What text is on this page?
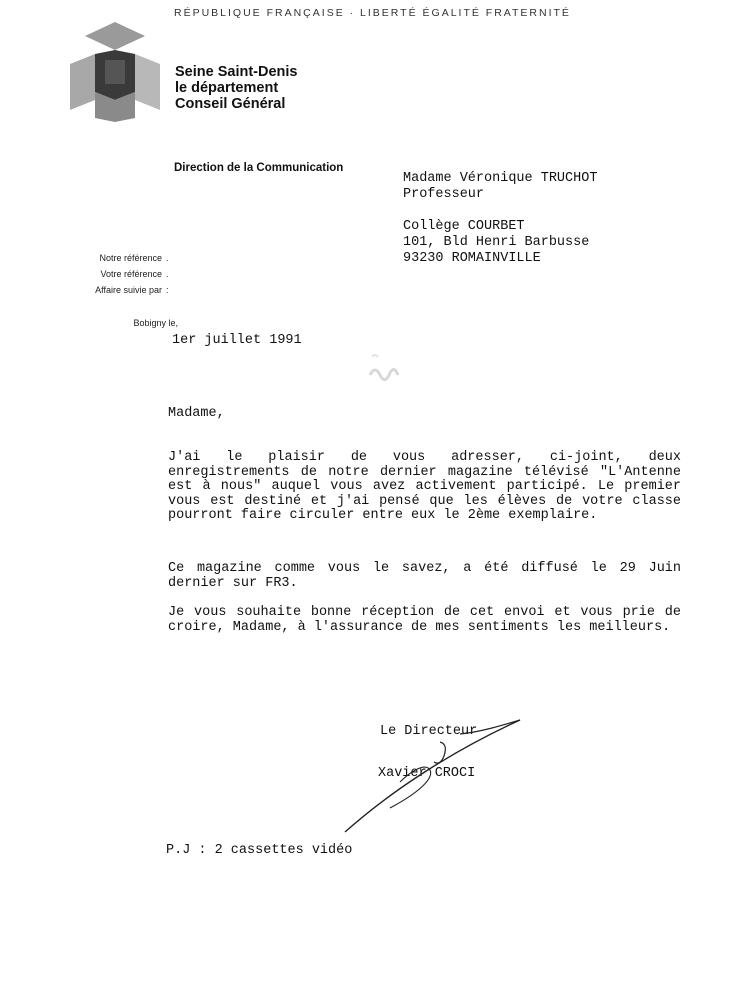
RÉPUBLIQUE FRANÇAISE · LIBERTÉ ÉGALITÉ FRATERNITÉ
Seine Saint-Denis
le département
Conseil Général
Direction de la Communication
Madame Véronique TRUCHOT
Professeur
Collège COURBET
101, Bld Henri Barbusse
93230 ROMAINVILLE
Notre référence .
Votre référence .
Affaire suivie par :
Bobigny le,
1er juillet 1991
Madame,
J'ai le plaisir de vous adresser, ci-joint, deux enregistrements de notre dernier magazine télévisé "L'Antenne est à nous" auquel vous avez activement participé. Le premier vous est destiné et j'ai pensé que les élèves de votre classe pourront faire circuler entre eux le 2ème exemplaire.
Ce magazine comme vous le savez, a été diffusé le 29 Juin dernier sur FR3.
Je vous souhaite bonne réception de cet envoi et vous prie de croire, Madame, à l'assurance de mes sentiments les meilleurs.
Le Directeur
Xavier CROCI
P.J : 2 cassettes vidéo
